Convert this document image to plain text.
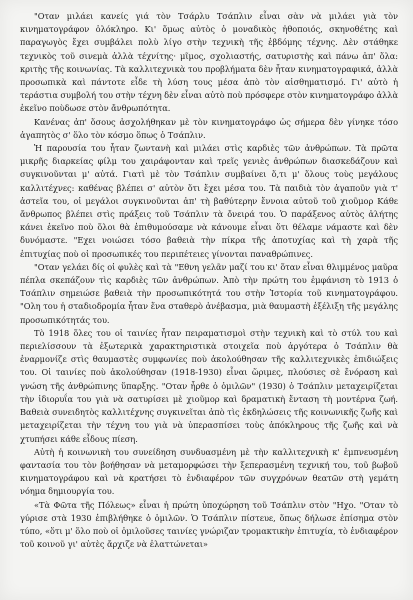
"Οταν μιλάει κανείς γιά τὸν Τσάρλυ Τσάπλιν εἶναι σὰν νὰ μιλάει γιὰ τὸν κινηματογράφον ὁλόκληρο. Κι' ὅμως αὐτὸς ὁ μοναδικὸς ἠθοποιός, σκηνοθέτης καὶ παραγωγὸς ἔχει συμβάλει πολὺ λίγο στὴν τεχνικὴ τῆς ἑβδόμης τέχνης. Δὲν στάθηκε τεχνικὸς τοῦ σινεμὰ ἀλλὰ τέχνίτης· μῖμος, σχολιαστής, σατυριστὴς καὶ πάνω ἀπ' ὅλα: κριτὴς τῆς κοινωνίας. Τὰ καλλιτεχνικὰ του προβλήματα δὲν ἦταν κινηματογραφικά, ἀλλὰ προσωπικὰ καὶ πάντοτε εἶδε τὴ λύση τους μέσα ἀπὸ τὸν αἰσθηματισμό. Γι' αὐτὸ ἡ τεράστια συμβολή του στὴν τέχνη δὲν εἶναι αὐτὸ ποὺ πρόσφερε στὸν κινηματογράφο ἀλλὰ ἐκεῖνο ποὺδωσε στὸν ἄνθρωπότητα.

Κανένας ἀπ' ὅσους ἀσχολήθηκαν μὲ τὸν κινηματογράφο ὡς σήμερα δὲν γίνηκε τόσο ἀγαπητὸς σ' ὅλο τὸν κόσμο ὅπως ὁ Τσάπλιν.

Ἡ παρουσία του ἦταν ζωντανὴ καὶ μιλάει στὶς καρδιὲς τῶν ἀνθρώπων. Τὰ πρῶτα μικρῆς διαρκείας φίλμ του χαιράφονταν καὶ τρεῖς γενιὲς ἀνθρώπων διασκεδάζουν καὶ συγκινοῦνται μ' αὐτά. Γιατὶ μὲ τὸν Τσάπλιν συμβαίνει ὅ,τι μ' ὅλους τοὺς μεγάλους καλλιτέχνες: καθένας βλέπει σ' αὐτὸν ὅτι ἔχει μέσα του. Τὰ παιδιὰ τὸν ἀγαποῦν γιὰ τ' ἀστεῖα του, οἱ μεγάλοι συγκινοῦνται ἀπ' τὴ βαθύτερην ἔννοια αὐτοῦ τοῦ χιοῦμορ Κάθε ἄνθρωπος βλέπει στὶς πράξεις τοῦ Τσάπλιν τὰ ὄνειρά του. Ὁ παράξενος αὐτὸς ἀλήτης κάνει ἐκεῖνο ποὺ ὅλοι θὰ ἐπιθυμούσαμε νὰ κάνουμε εἶναι ὅτι θέλαμε νάμαστε καὶ δὲν δυνόμαστε. "Εχει νοιώσει τόσο βαθειὰ τὴν πίκρα τῆς ἀποτυχίας καὶ τὴ χαρὰ τῆς ἐπιτυχίας ποὺ οἱ προσωπικές του περιπέτειες γίνονται παναθρώπινες.

"Οταν γελάει δίς οἱ φυλὲς καὶ τὰ "Εθνη γελᾶν μαζί του κι' ὅταν εἶναι θλιμμένος μαῦρα πέπλα σκεπάζουν τὶς καρδιὲς τῶν ἀνθρώπων. Ἀπὸ τὴν πρώτη του ἐμφάνιση τὸ 1913 ὁ Τσάπλιν σημειώσε βαθειὰ τὴν προσωπικότητά του στὴν Ἱστορία τοῦ κινηματογράφου. "Ολη του ἡ σταδιοδρομία ἦταν ἕνα σταθερὸ ἀνέβασμα, μιὰ θαυμαστὴ ἐξέλιξη τῆς μεγάλης προσωπικότητάς του.

Τὸ 1918 ὅλες του οἱ ταινίες ἦταν πειραματισμοὶ στὴν τεχνικὴ καὶ τὸ στύλ του καὶ περιελίσσουν τὰ ἐξωτερικὰ χαρακτηριστικὰ στοιχεῖα ποὺ ἀργότερα ὁ Τσάπλιν θὰ ἐναρμονίζε στὶς θαυμαστὲς συμφωνίες ποὺ ἀκολούθησαν τῆς καλλιτεχνικὲς ἐπιδιώξεις του. Οἱ ταινίες ποὺ ἀκολούθησαν (1918-1930) εἶναι ὥριμες, πλούσιες σὲ ἔνόραση καὶ γνώση τῆς ἀνθρώπινης ὕπαρξης. "Οταν ἦρθε ὁ ὁμιλῶν" (1930) ὁ Τσάπλιν μεταχειρίζεται τὴν ἰδιορυΐα του γιὰ νὰ σατυρίσει μὲ χιοῦμορ καὶ δραματικὴ ἔνταση τὴ μοντέρνα ζωή. Βαθειὰ συνειδητὸς καλλιτέχνης συγκινεῖται ἀπὸ τὶς ἐκδηλώσεις τῆς κοινωνικῆς ζωῆς καὶ μεταχειρίζεται τὴν τέχνη του γιὰ νὰ ὑπερασπίσει τοὺς ἀπόκληρους τῆς ζωῆς καὶ νὰ χτυπήσει κάθε εἶδους πίεση.

Αὐτὴ ἡ κοινωνικὴ του συνείδηση συνδυασμένη μὲ τὴν καλλιτεχνικὴ κ' ἐμπνευσμένη φαντασία του τὸν βοήθησαν νὰ μεταμορφώσει τὴν ξεπερασμένη τεχνική του, τοῦ βωβοῦ κινηματογράφου καὶ νὰ κρατήσει τὸ ἐνδιαφέρον τῶν συγχρόνων θεατῶν στὴ γεμάτη νόημα δημιουργία του.

«Τὰ Φῶτα τῆς Πόλεως» εἶναι ἡ πρώτη ὑποχώρηση τοῦ Τσάπλιν στὸν "Ηχο. "Οταν τὸ γύρισε στὰ 1930 ἐπιβλήθηκε ὁ ὁμιλῶν. Ὁ Τσάπλιν πίστευε, ὅπως δήλωσε ἐπίσημα στὸν τύπο, «ὅτι μ' ὅλο ποὺ οἱ ὁμιλοῦσες ταινίες γνώριζαν τρομακτικὴν ἐπιτυχία, τὸ ἐνδιαφέρον τοῦ κοινοῦ γι' αὐτὲς ἄρχιζε νὰ ἐλαττώνεται»
